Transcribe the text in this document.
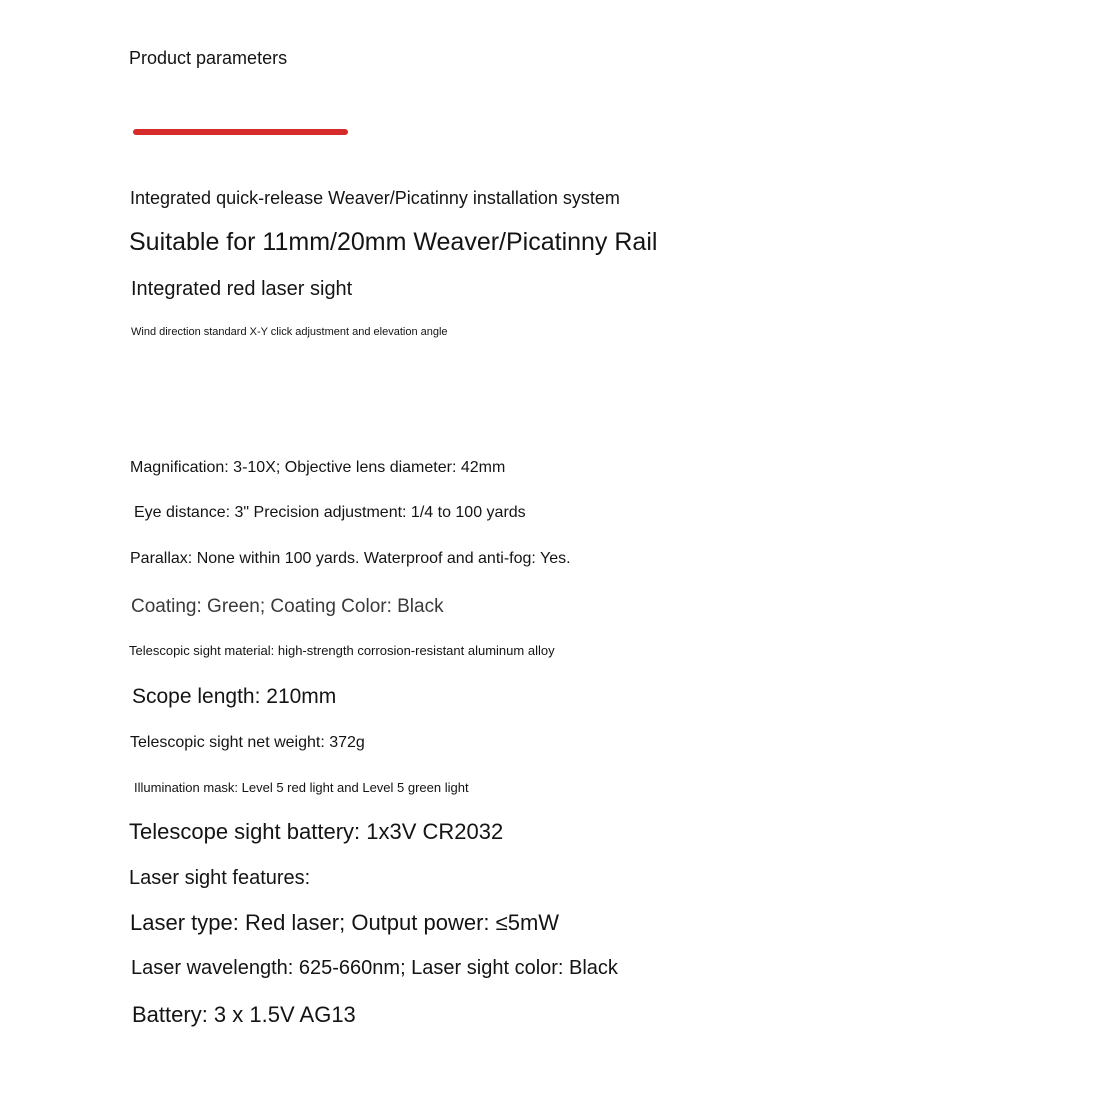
Product parameters
Integrated quick-release Weaver/Picatinny installation system
Suitable for 11mm/20mm Weaver/Picatinny Rail
Integrated red laser sight
Wind direction standard X-Y click adjustment and elevation angle
Magnification: 3-10X; Objective lens diameter: 42mm
Eye distance: 3" Precision adjustment: 1/4 to 100 yards
Parallax: None within 100 yards. Waterproof and anti-fog: Yes.
Coating: Green; Coating Color: Black
Telescopic sight material: high-strength corrosion-resistant aluminum alloy
Scope length: 210mm
Telescopic sight net weight: 372g
Illumination mask: Level 5 red light and Level 5 green light
Telescope sight battery: 1x3V CR2032
Laser sight features:
Laser type: Red laser; Output power: ≤5mW
Laser wavelength: 625-660nm; Laser sight color: Black
Battery: 3 x 1.5V AG13
